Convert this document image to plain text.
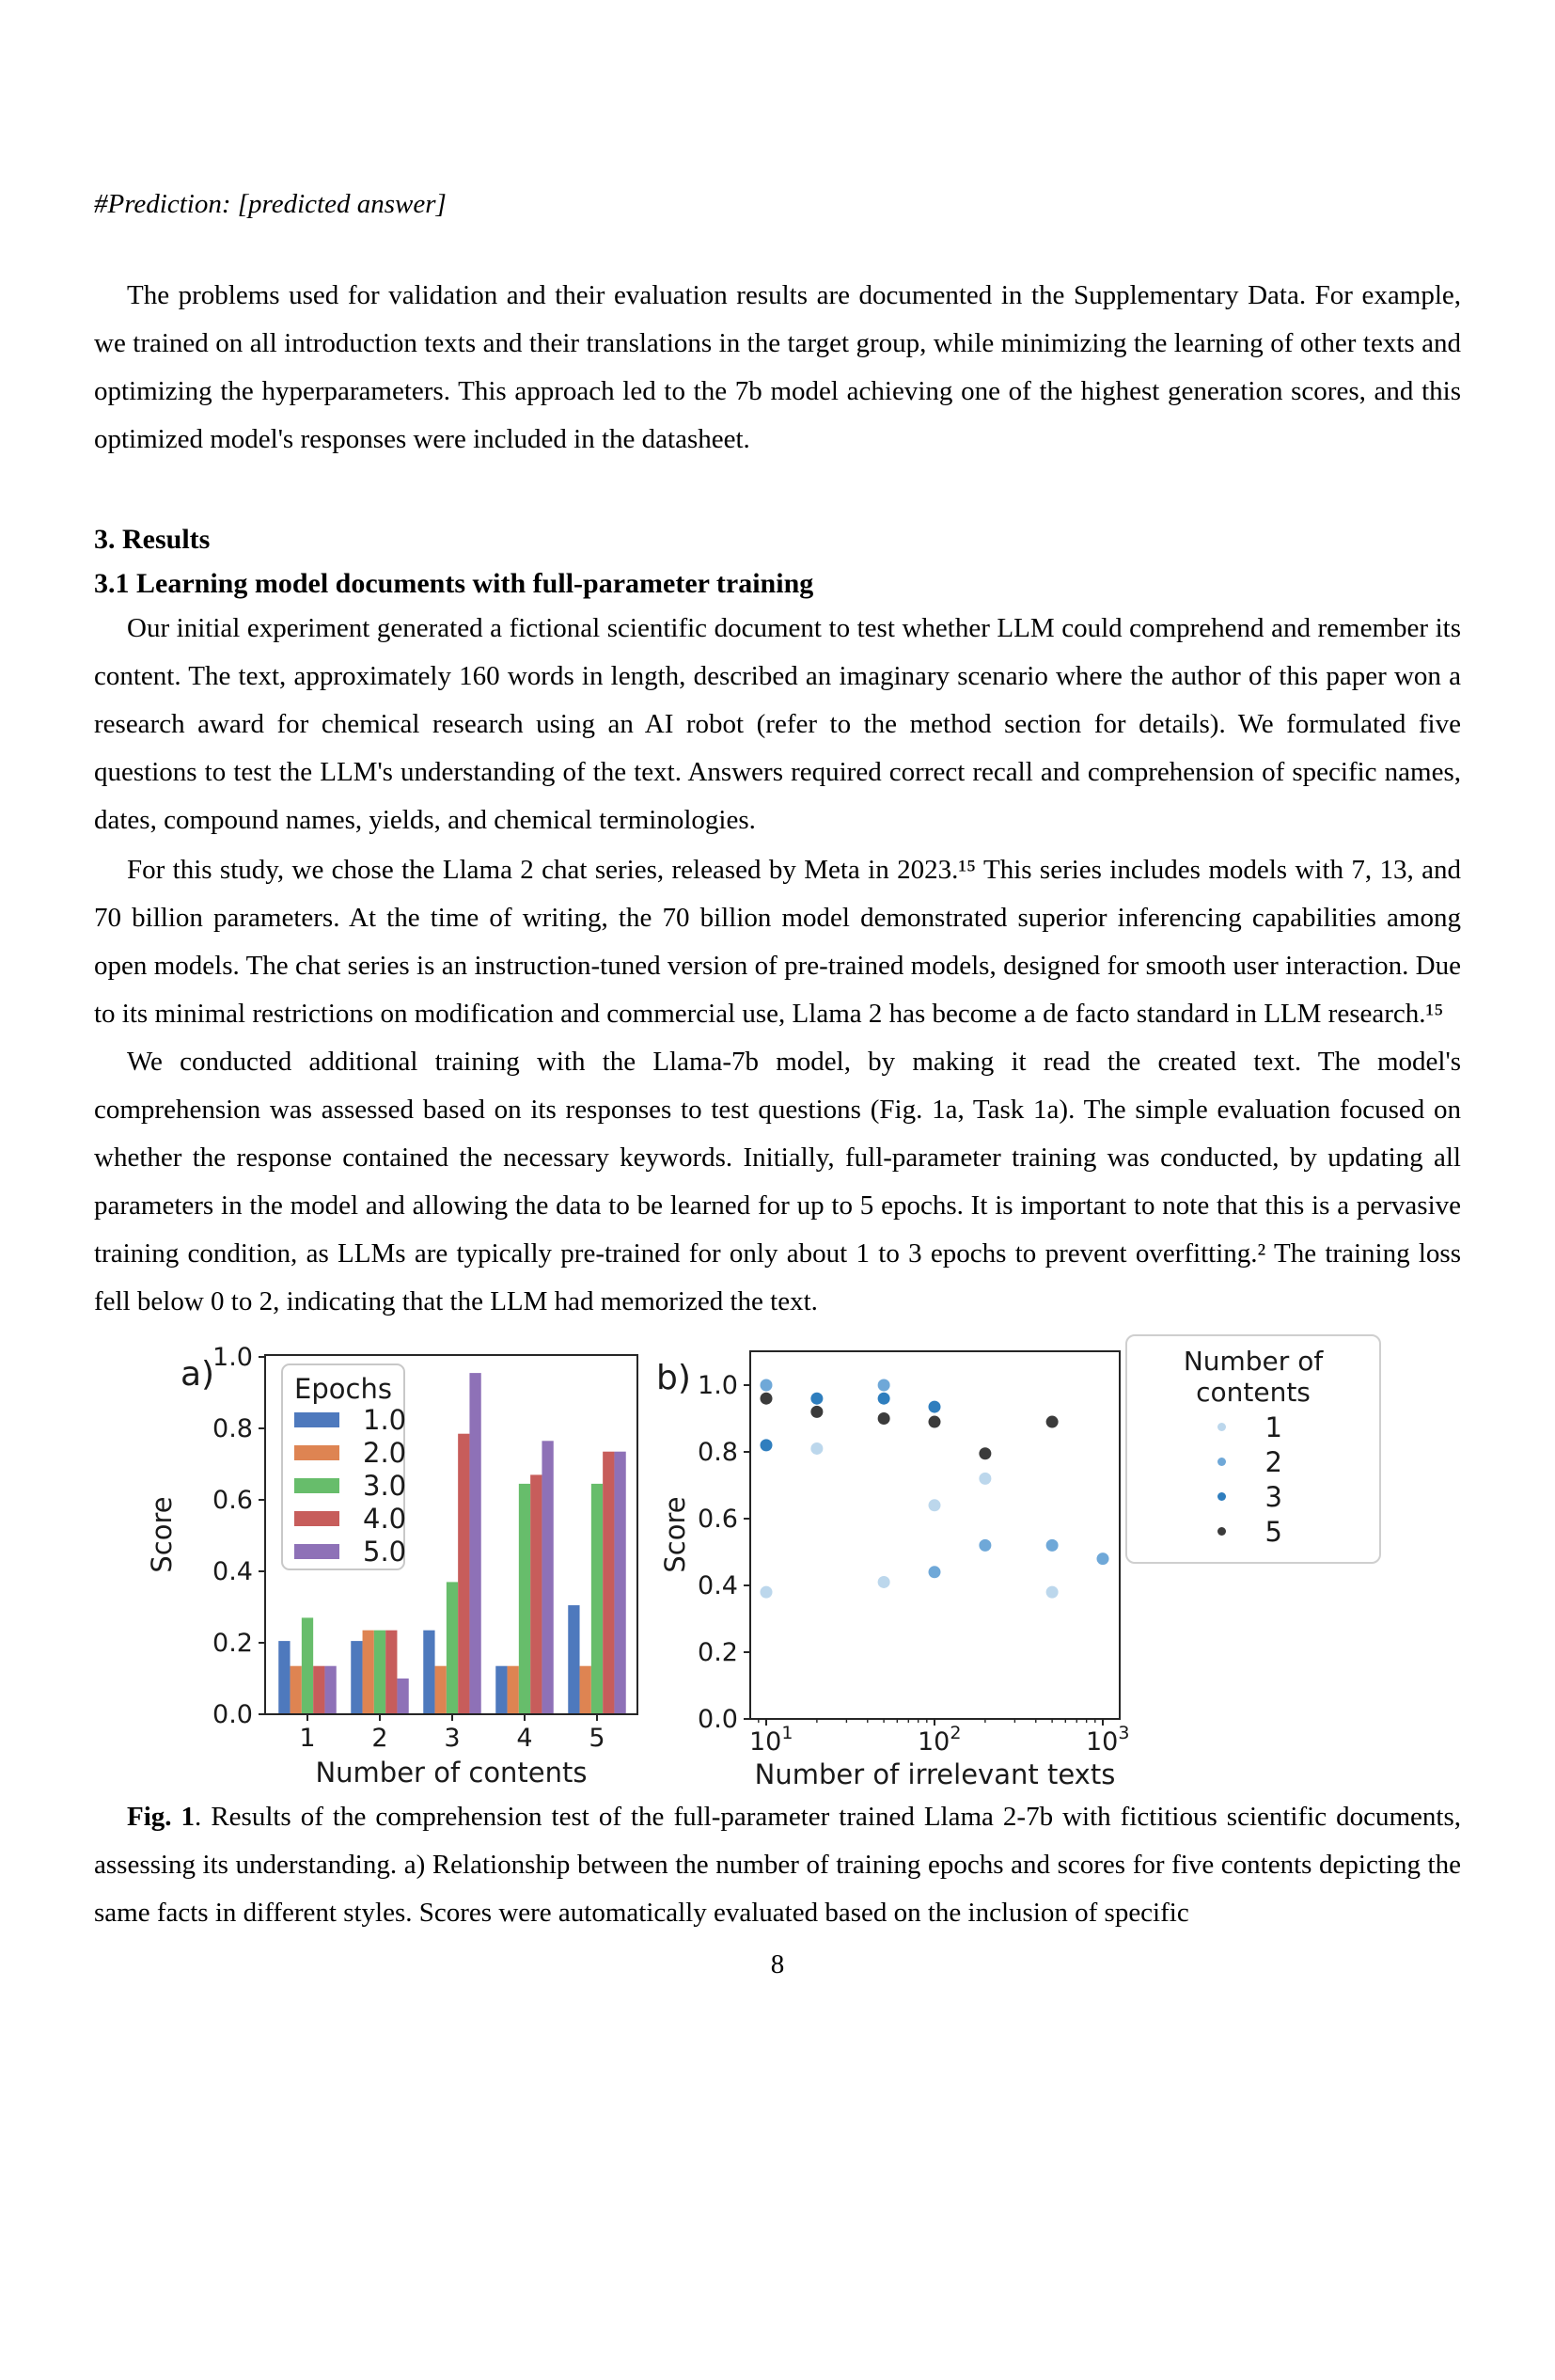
#Prediction: [predicted answer]

The problems used for validation and their evaluation results are documented in the Supplementary Data. For example, we trained on all introduction texts and their translations in the target group, while minimizing the learning of other texts and optimizing the hyperparameters. This approach led to the 7b model achieving one of the highest generation scores, and this optimized model's responses were included in the datasheet.

3. Results
3.1 Learning model documents with full-parameter training

Our initial experiment generated a fictional scientific document to test whether LLM could comprehend and remember its content. The text, approximately 160 words in length, described an imaginary scenario where the author of this paper won a research award for chemical research using an AI robot (refer to the method section for details). We formulated five questions to test the LLM's understanding of the text. Answers required correct recall and comprehension of specific names, dates, compound names, yields, and chemical terminologies.

For this study, we chose the Llama 2 chat series, released by Meta in 2023.¹⁵ This series includes models with 7, 13, and 70 billion parameters. At the time of writing, the 70 billion model demonstrated superior inferencing capabilities among open models. The chat series is an instruction-tuned version of pre-trained models, designed for smooth user interaction. Due to its minimal restrictions on modification and commercial use, Llama 2 has become a de facto standard in LLM research.¹⁵

We conducted additional training with the Llama-7b model, by making it read the created text. The model's comprehension was assessed based on its responses to test questions (Fig. 1a, Task 1a). The simple evaluation focused on whether the response contained the necessary keywords. Initially, full-parameter training was conducted, by updating all parameters in the model and allowing the data to be learned for up to 5 epochs. It is important to note that this is a pervasive training condition, as LLMs are typically pre-trained for only about 1 to 3 epochs to prevent overfitting.² The training loss fell below 0 to 2, indicating that the LLM had memorized the text.

0.0
0.2
0.4
0.6
0.8
1.0
1 2 3 4 5
Number of contents
Score
a)	Epochs
1.0
2.0
3.0
4.0
5.0
0.0
0.2
0.4
0.6
0.8
1.0
$10^1$	$10^2$	$10^3$
Number of irrelevant texts
Score
b)	Number of contents
1
2
3
5

Fig. 1. Results of the comprehension test of the full-parameter trained Llama 2-7b with fictitious scientific documents, assessing its understanding. a) Relationship between the number of training epochs and scores for five contents depicting the same facts in different styles. Scores were automatically evaluated based on the inclusion of specific

8
